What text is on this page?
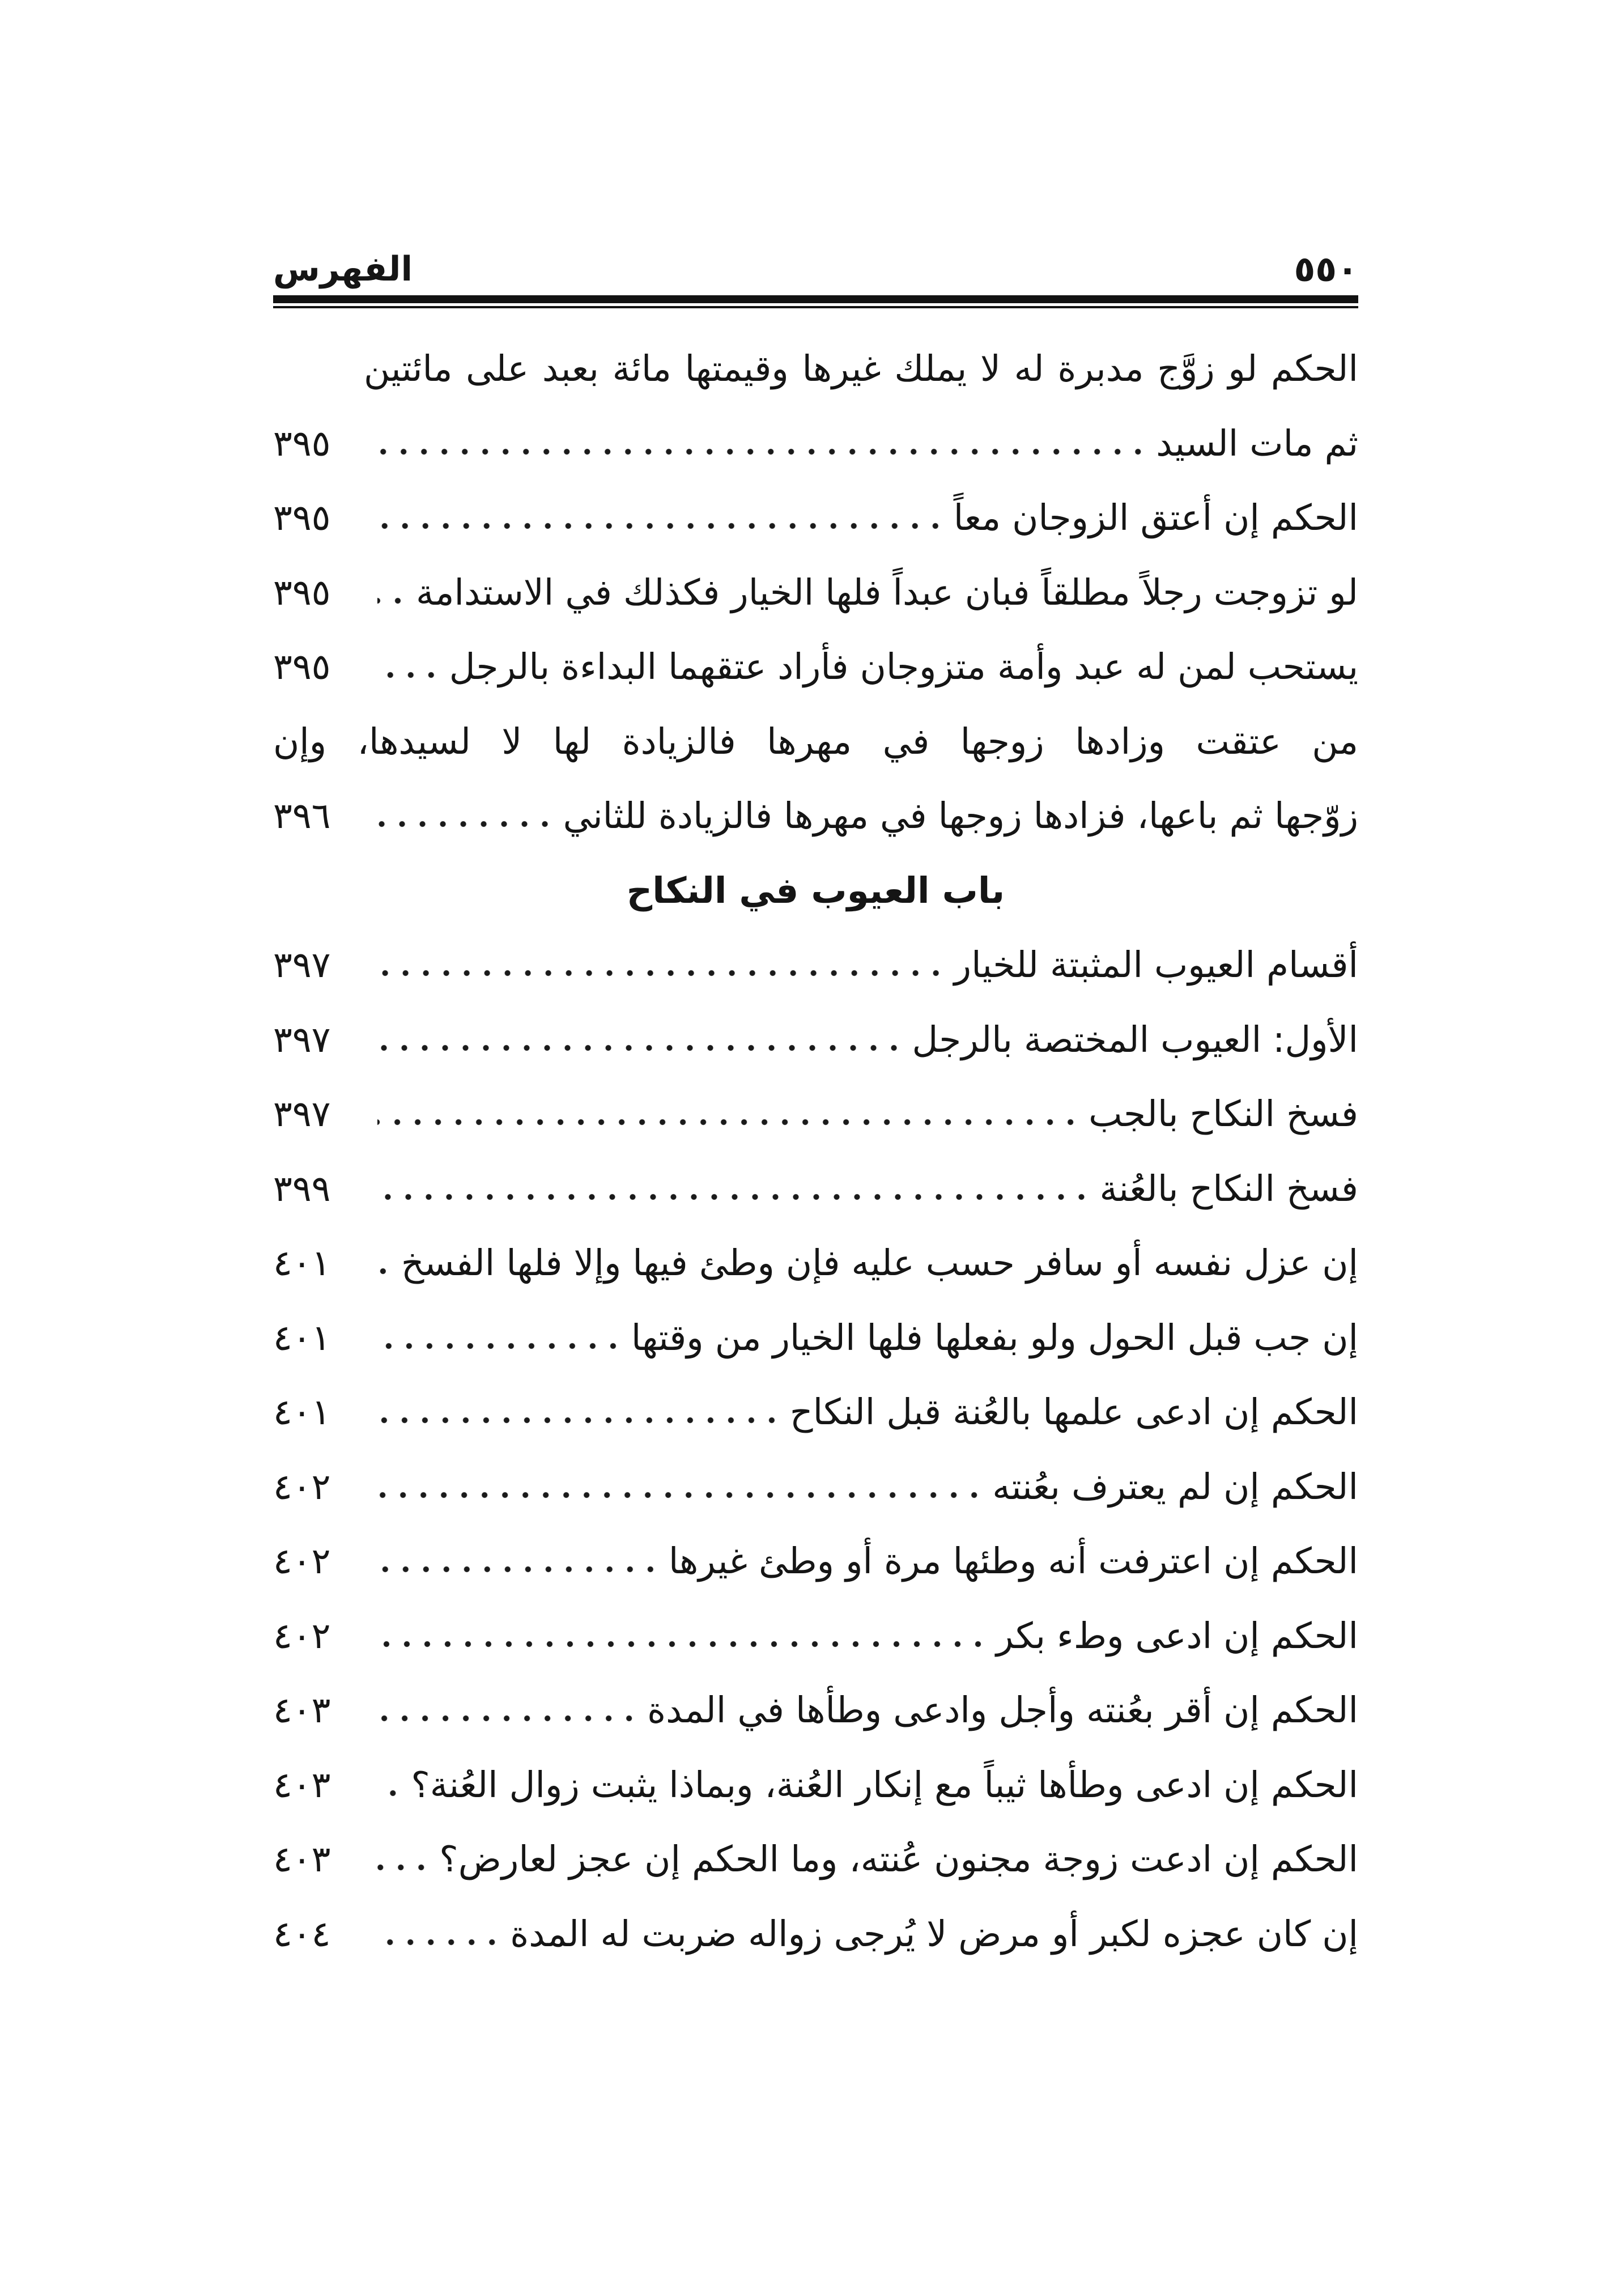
٥٥٠
الفهرس
الحكم لو زوَّج مدبرة له لا يملك غيرها وقيمتها مائة بعبد على مائتين
ثم مات السيد
٣٩٥
الحكم إن أعتق الزوجان معاً
٣٩٥
لو تزوجت رجلاً مطلقاً فبان عبداً فلها الخيار فكذلك في الاستدامة
٣٩٥
يستحب لمن له عبد وأمة متزوجان فأراد عتقهما البداءة بالرجل
٣٩٥
من عتقت وزادها زوجها في مهرها فالزيادة لها لا لسيدها، وإن
زوّجها ثم باعها، فزادها زوجها في مهرها فالزيادة للثاني
٣٩٦
باب العيوب في النكاح
أقسام العيوب المثبتة للخيار
٣٩٧
الأول: العيوب المختصة بالرجل
٣٩٧
فسخ النكاح بالجب
٣٩٧
فسخ النكاح بالعُنة
٣٩٩
إن عزل نفسه أو سافر حسب عليه فإن وطئ فيها وإلا فلها الفسخ
٤٠١
إن جب قبل الحول ولو بفعلها فلها الخيار من وقتها
٤٠١
الحكم إن ادعى علمها بالعُنة قبل النكاح
٤٠١
الحكم إن لم يعترف بعُنته
٤٠٢
الحكم إن اعترفت أنه وطئها مرة أو وطئ غيرها
٤٠٢
الحكم إن ادعى وطء بكر
٤٠٢
الحكم إن أقر بعُنته وأجل وادعى وطأها في المدة
٤٠٣
الحكم إن ادعى وطأها ثيباً مع إنكار العُنة، وبماذا يثبت زوال العُنة؟
٤٠٣
الحكم إن ادعت زوجة مجنون عُنته، وما الحكم إن عجز لعارض؟
٤٠٣
إن كان عجزه لكبر أو مرض لا يُرجى زواله ضربت له المدة
٤٠٤
